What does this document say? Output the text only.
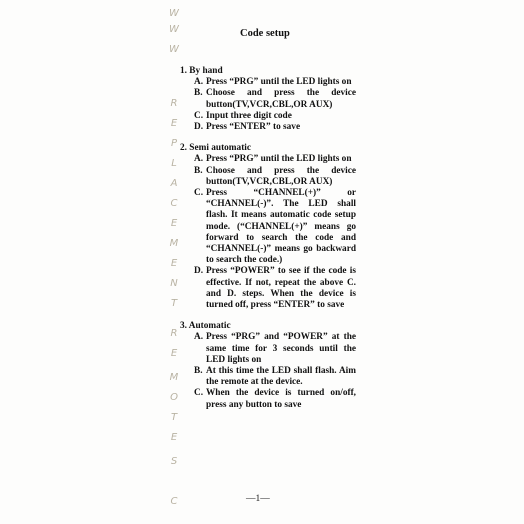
W
W
W
R
E
P
L
A
C
E
M
E
N
T
R
E
M
O
T
E
S
C
Code setup
1. By hand
A. Press “PRG” until the LED lights on
B. Choose and press the device button(TV,VCR,CBL,OR AUX)
C. Input three digit code
D. Press “ENTER” to save
2. Semi automatic
A. Press “PRG” until the LED lights on
B. Choose and press the device button(TV,VCR,CBL,OR AUX)
C. Press “CHANNEL(+)” or “CHANNEL(-)”. The LED shall flash. It means automatic code setup mode. (“CHANNEL(+)” means go forward to search the code and “CHANNEL(-)” means go backward to search the code.)
D. Press “POWER” to see if the code is effective. If not, repeat the above C. and D. steps. When the device is turned off, press “ENTER” to save
3. Automatic
A. Press “PRG” and “POWER” at the same time for 3 seconds until the LED lights on
B. At this time the LED shall flash. Aim the remote at the device.
C. When the device is turned on/off, press any button to save
—1—
